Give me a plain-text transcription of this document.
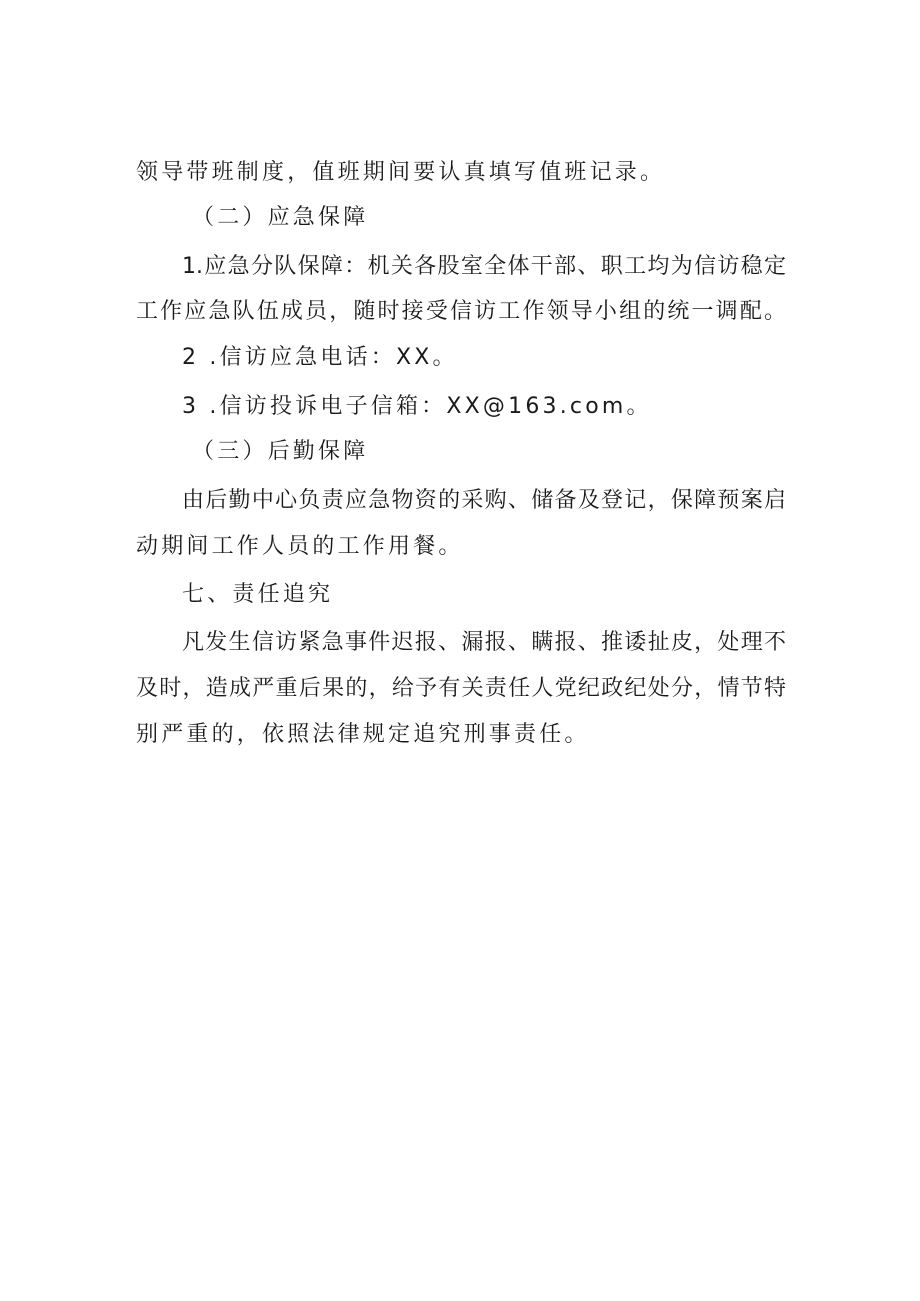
领导带班制度，值班期间要认真填写值班记录。
（二）应急保障
1.应急分队保障：机关各股室全体干部、职工均为信访稳定
工作应急队伍成员，随时接受信访工作领导小组的统一调配。
2 .信访应急电话：XX。
3 .信访投诉电子信箱：XX@163.com。
（三）后勤保障
由后勤中心负责应急物资的采购、储备及登记，保障预案启
动期间工作人员的工作用餐。
七、责任追究
凡发生信访紧急事件迟报、漏报、瞒报、推诿扯皮，处理不
及时，造成严重后果的，给予有关责任人党纪政纪处分，情节特
别严重的，依照法律规定追究刑事责任。
